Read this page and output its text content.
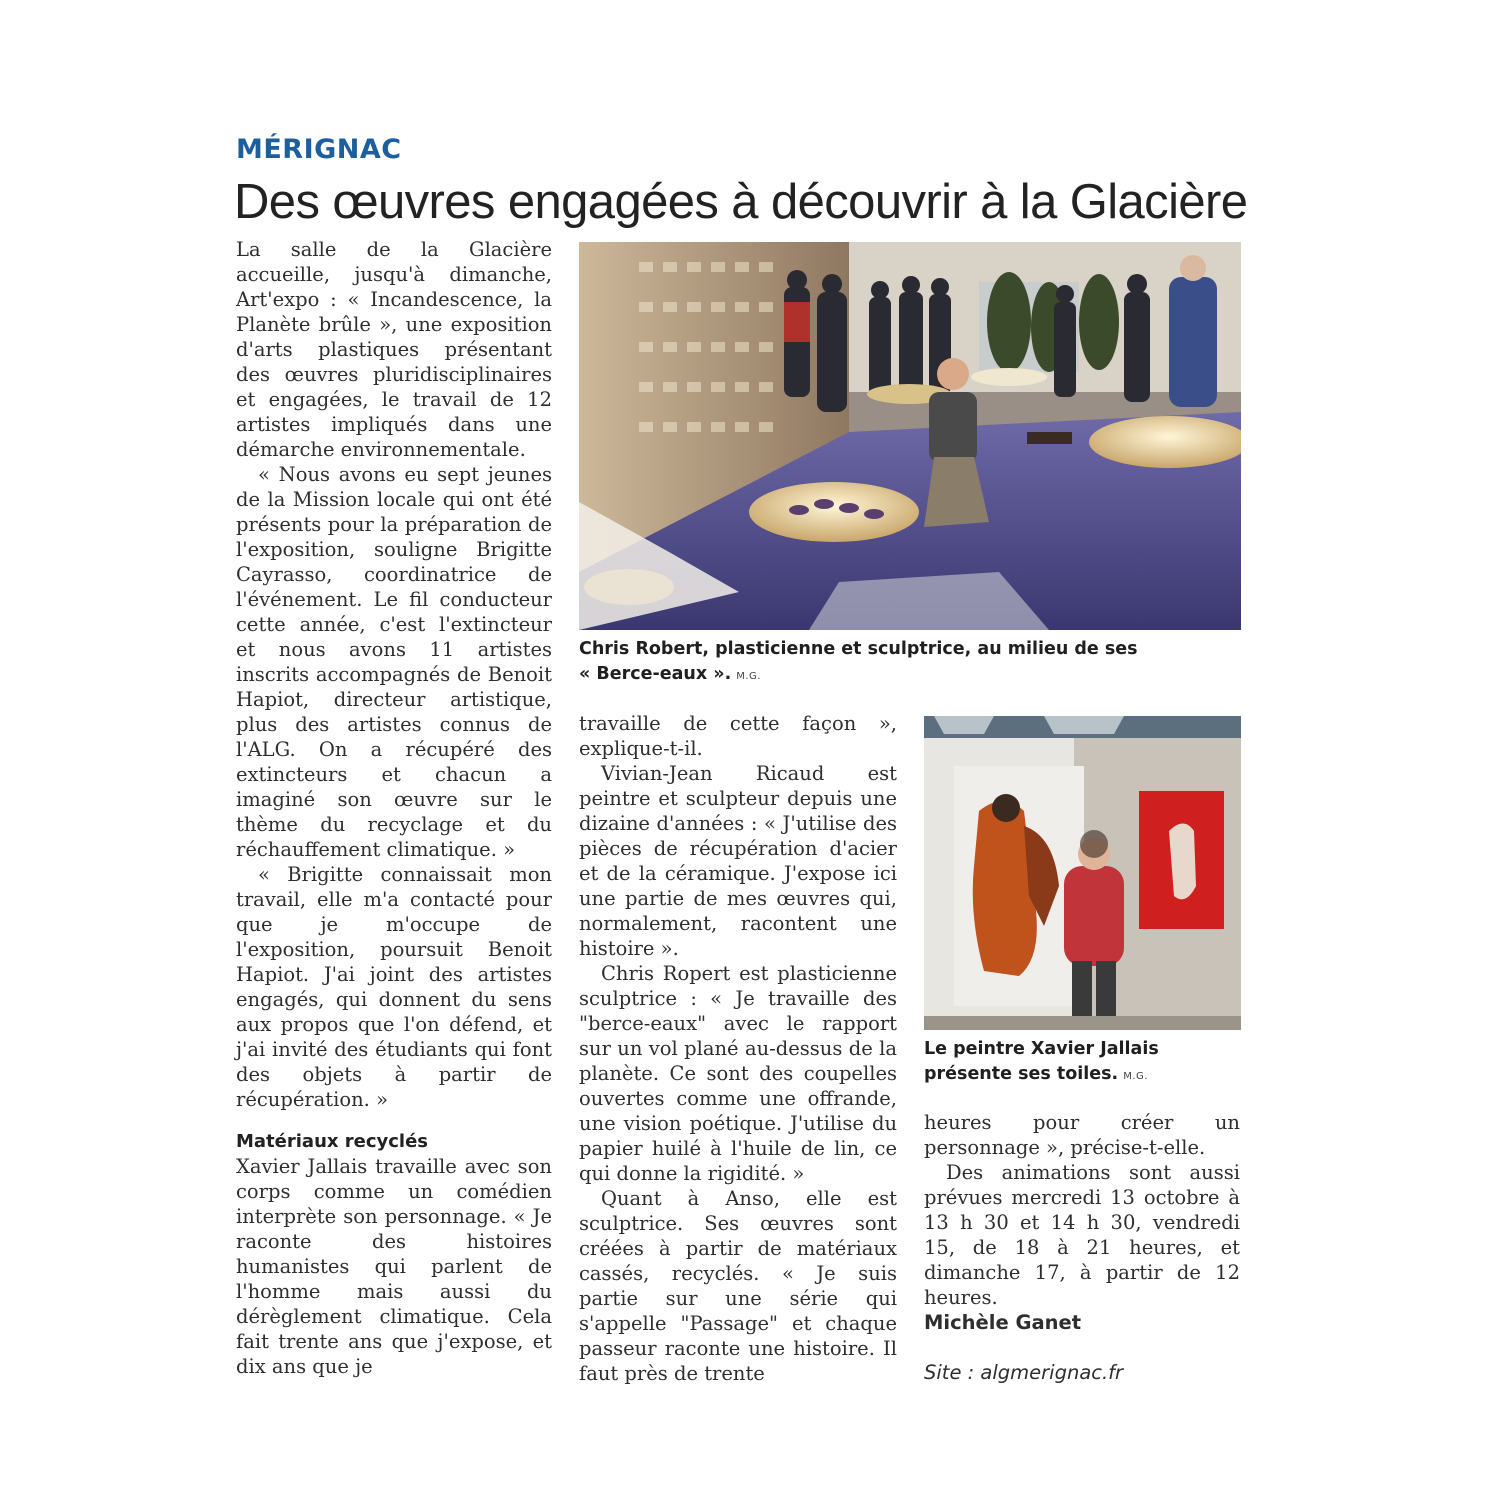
MÉRIGNAC
Des œuvres engagées à découvrir à la Glacière

La salle de la Glacière accueille, jusqu'à dimanche, Art'expo : « Incandescence, la Planète brûle », une exposition d'arts plastiques présentant des œuvres pluridisciplinaires et engagées, le travail de 12 artistes impliqués dans une démarche environnementale.

« Nous avons eu sept jeunes de la Mission locale qui ont été présents pour la préparation de l'exposition, souligne Brigitte Cayrasso, coordinatrice de l'événement. Le fil conducteur cette année, c'est l'extincteur et nous avons 11 artistes inscrits accompagnés de Benoit Hapiot, directeur artistique, plus des artistes connus de l'ALG. On a récupéré des extincteurs et chacun a imaginé son œuvre sur le thème du recyclage et du réchauffement climatique. »

« Brigitte connaissait mon travail, elle m'a contacté pour que je m'occupe de l'exposition, poursuit Benoit Hapiot. J'ai joint des artistes engagés, qui donnent du sens aux propos que l'on défend, et j'ai invité des étudiants qui font des objets à partir de récupération. »

Matériaux recyclés

Xavier Jallais travaille avec son corps comme un comédien interprète son personnage. « Je raconte des histoires humanistes qui parlent de l'homme mais aussi du dérèglement climatique. Cela fait trente ans que j'expose, et dix ans que je

Chris Robert, plasticienne et sculptrice, au milieu de ses « Berce-eaux ». M.G.

travaille de cette façon », explique-t-il.

Vivian-Jean Ricaud est peintre et sculpteur depuis une dizaine d'années : « J'utilise des pièces de récupération d'acier et de la céramique. J'expose ici une partie de mes œuvres qui, normalement, racontent une histoire ».

Chris Ropert est plasticienne sculptrice : « Je travaille des "berce-eaux" avec le rapport sur un vol plané au-dessus de la planète. Ce sont des coupelles ouvertes comme une offrande, une vision poétique. J'utilise du papier huilé à l'huile de lin, ce qui donne la rigidité. »

Quant à Anso, elle est sculptrice. Ses œuvres sont créées à partir de matériaux cassés, recyclés. « Je suis partie sur une série qui s'appelle "Passage" et chaque passeur raconte une histoire. Il faut près de trente

Le peintre Xavier Jallais présente ses toiles. M.G.

heures pour créer un personnage », précise-t-elle.

Des animations sont aussi prévues mercredi 13 octobre à 13 h 30 et 14 h 30, vendredi 15, de 18 à 21 heures, et dimanche 17, à partir de 12 heures.

Michèle Ganet

Site : algmerignac.fr
